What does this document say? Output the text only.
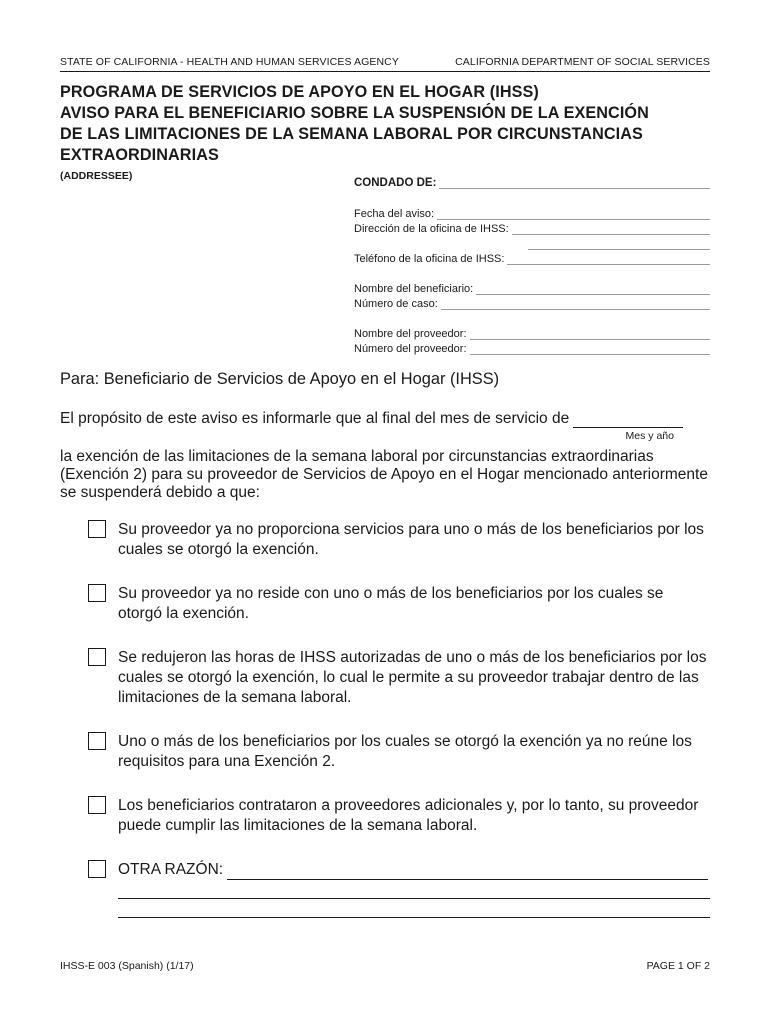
STATE OF CALIFORNIA - HEALTH AND HUMAN SERVICES AGENCY	CALIFORNIA DEPARTMENT OF SOCIAL SERVICES
PROGRAMA DE SERVICIOS DE APOYO EN EL HOGAR (IHSS)
AVISO PARA EL BENEFICIARIO SOBRE LA SUSPENSIÓN DE LA EXENCIÓN
DE LAS LIMITACIONES DE LA SEMANA LABORAL POR CIRCUNSTANCIAS
EXTRAORDINARIAS
(ADDRESSEE)
CONDADO DE:
Fecha del aviso:
Dirección de la oficina de IHSS:
Teléfono de la oficina de IHSS:
Nombre del beneficiario:
Número de caso:
Nombre del proveedor:
Número del proveedor:
Para: Beneficiario de Servicios de Apoyo en el Hogar (IHSS)
El propósito de este aviso es informarle que al final del mes de servicio de
Mes y año
la exención de las limitaciones de la semana laboral por circunstancias extraordinarias (Exención 2) para su proveedor de Servicios de Apoyo en el Hogar mencionado anteriormente se suspenderá debido a que:
Su proveedor ya no proporciona servicios para uno o más de los beneficiarios por los cuales se otorgó la exención.
Su proveedor ya no reside con uno o más de los beneficiarios por los cuales se otorgó la exención.
Se redujeron las horas de IHSS autorizadas de uno o más de los beneficiarios por los cuales se otorgó la exención, lo cual le permite a su proveedor trabajar dentro de las limitaciones de la semana laboral.
Uno o más de los beneficiarios por los cuales se otorgó la exención ya no reúne los requisitos para una Exención 2.
Los beneficiarios contrataron a proveedores adicionales y, por lo tanto, su proveedor puede cumplir las limitaciones de la semana laboral.
OTRA RAZÓN:
IHSS-E 003 (Spanish) (1/17)	PAGE 1 OF 2
